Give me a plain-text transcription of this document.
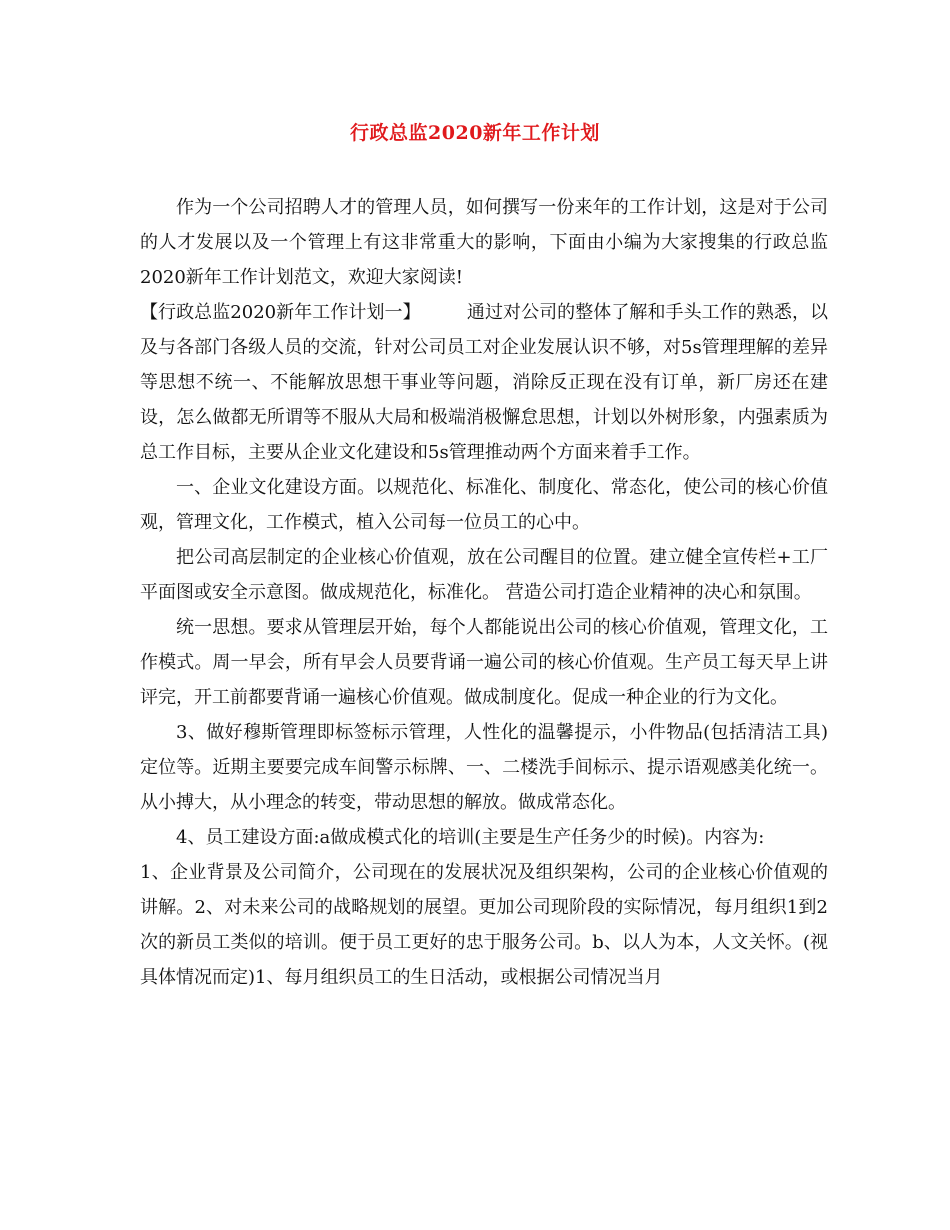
行政总监2020新年工作计划

作为一个公司招聘人才的管理人员，如何撰写一份来年的工作计划，这是对于公司的人才发展以及一个管理上有这非常重大的影响，下面由小编为大家搜集的行政总监2020新年工作计划范文，欢迎大家阅读!

【行政总监2020新年工作计划一】	通过对公司的整体了解和手头工作的熟悉，以及与各部门各级人员的交流，针对公司员工对企业发展认识不够，对5s管理理解的差异等思想不统一、不能解放思想干事业等问题，消除反正现在没有订单，新厂房还在建设，怎么做都无所谓等不服从大局和极端消极懈怠思想，计划以外树形象，内强素质为总工作目标，主要从企业文化建设和5s管理推动两个方面来着手工作。

一、企业文化建设方面。以规范化、标准化、制度化、常态化，使公司的核心价值观，管理文化，工作模式，植入公司每一位员工的心中。

把公司高层制定的企业核心价值观，放在公司醒目的位置。建立健全宣传栏+工厂平面图或安全示意图。做成规范化，标准化。 营造公司打造企业精神的决心和氛围。

统一思想。要求从管理层开始，每个人都能说出公司的核心价值观，管理文化，工作模式。周一早会，所有早会人员要背诵一遍公司的核心价值观。生产员工每天早上讲评完，开工前都要背诵一遍核心价值观。做成制度化。促成一种企业的行为文化。

3、做好穆斯管理即标签标示管理，人性化的温馨提示，小件物品(包括清洁工具)定位等。近期主要要完成车间警示标牌、一、二楼洗手间标示、提示语观感美化统一。从小搏大，从小理念的转变，带动思想的解放。做成常态化。

4、员工建设方面:a做成模式化的培训(主要是生产任务少的时候)。内容为:

1、企业背景及公司简介，公司现在的发展状况及组织架构，公司的企业核心价值观的讲解。2、对未来公司的战略规划的展望。更加公司现阶段的实际情况，每月组织1到2次的新员工类似的培训。便于员工更好的忠于服务公司。b、以人为本，人文关怀。(视具体情况而定)1、每月组织员工的生日活动，或根据公司情况当月
